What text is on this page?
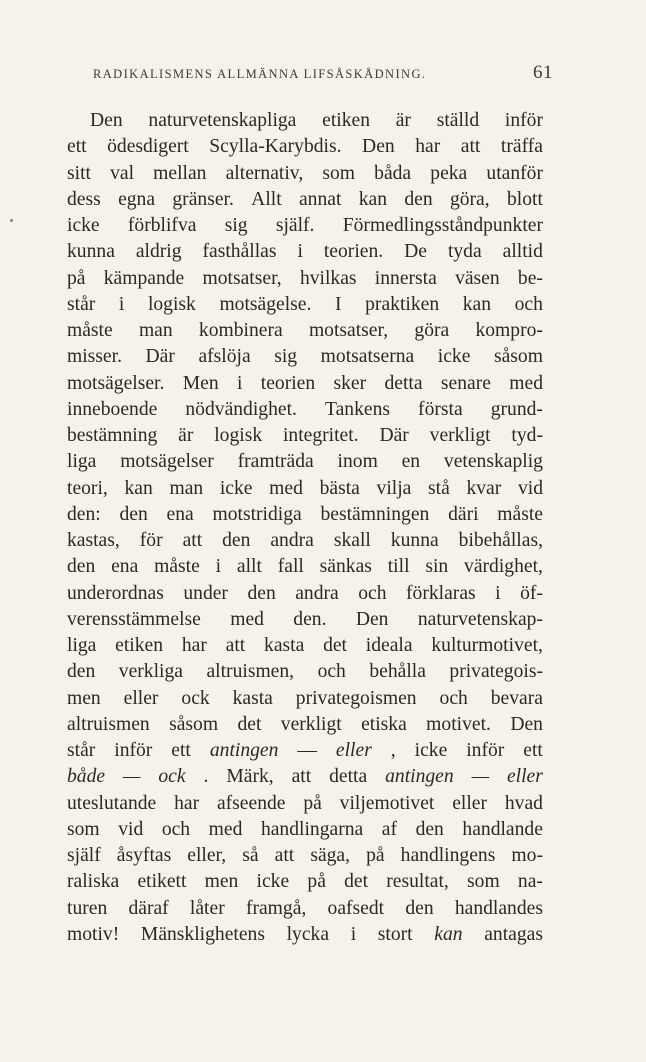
RADIKALISMENS ALLMÄNNA LIFSÅSKÅDNING.	61
Den naturvetenskapliga etiken är ställd inför
ett ödesdigert Scylla-Karybdis. Den har att träffa
sitt val mellan alternativ, som båda peka utanför
dess egna gränser. Allt annat kan den göra, blott
icke förblifva sig själf. Förmedlingsståndpunkter
kunna aldrig fasthållas i teorien. De tyda alltid
på kämpande motsatser, hvilkas innersta väsen be-
står i logisk motsägelse. I praktiken kan och
måste man kombinera motsatser, göra kompro-
misser. Där afslöja sig motsatserna icke såsom
motsägelser. Men i teorien sker detta senare med
inneboende nödvändighet. Tankens första grund-
bestämning är logisk integritet. Där verkligt tyd-
liga motsägelser framträda inom en vetenskaplig
teori, kan man icke med bästa vilja stå kvar vid
den: den ena motstridiga bestämningen däri måste
kastas, för att den andra skall kunna bibehållas,
den ena måste i allt fall sänkas till sin värdighet,
underordnas under den andra och förklaras i öf-
verensstämmelse med den. Den naturvetenskap-
liga etiken har att kasta det ideala kulturmotivet,
den verkliga altruismen, och behålla privategois-
men eller ock kasta privategoismen och bevara
altruismen såsom det verkligt etiska motivet. Den
står inför ett antingen — eller , icke inför ett
både — ock . Märk, att detta antingen — eller
uteslutande har afseende på viljemotivet eller hvad
som vid och med handlingarna af den handlande
själf åsyftas eller, så att säga, på handlingens mo-
raliska etikett men icke på det resultat, som na-
turen däraf låter framgå, oafsedt den handlandes
motiv! Mänsklighetens lycka i stort kan antagas
